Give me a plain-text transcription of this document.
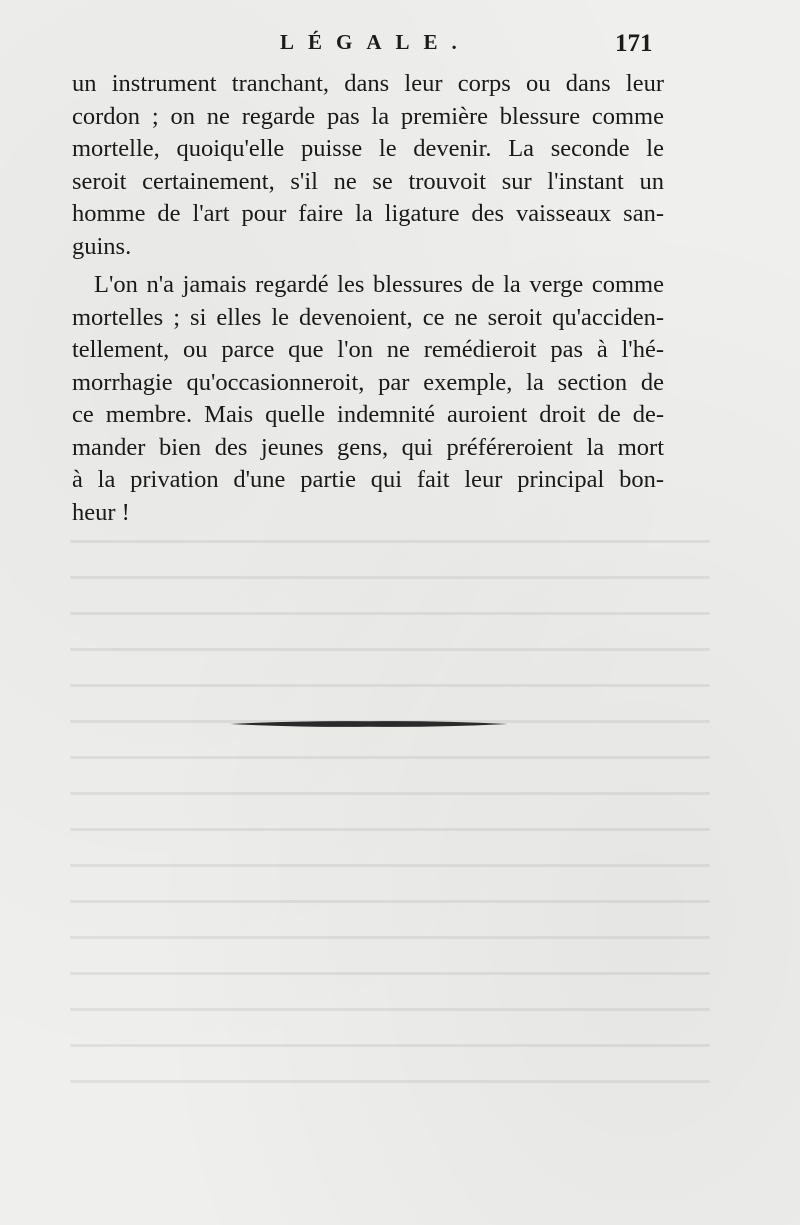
LÉGALE.	171
un instrument tranchant, dans leur corps ou dans leur
cordon ; on ne regarde pas la première blessure comme
mortelle, quoiqu'elle puisse le devenir. La seconde le
seroit certainement, s'il ne se trouvoit sur l'instant un
homme de l'art pour faire la ligature des vaisseaux san-
guins.
L'on n'a jamais regardé les blessures de la verge comme
mortelles ; si elles le devenoient, ce ne seroit qu'acciden-
tellement, ou parce que l'on ne remédieroit pas à l'hé-
morrhagie qu'occasionneroit, par exemple, la section de
ce membre. Mais quelle indemnité auroient droit de de-
mander bien des jeunes gens, qui préféreroient la mort
à la privation d'une partie qui fait leur principal bon-
heur !
